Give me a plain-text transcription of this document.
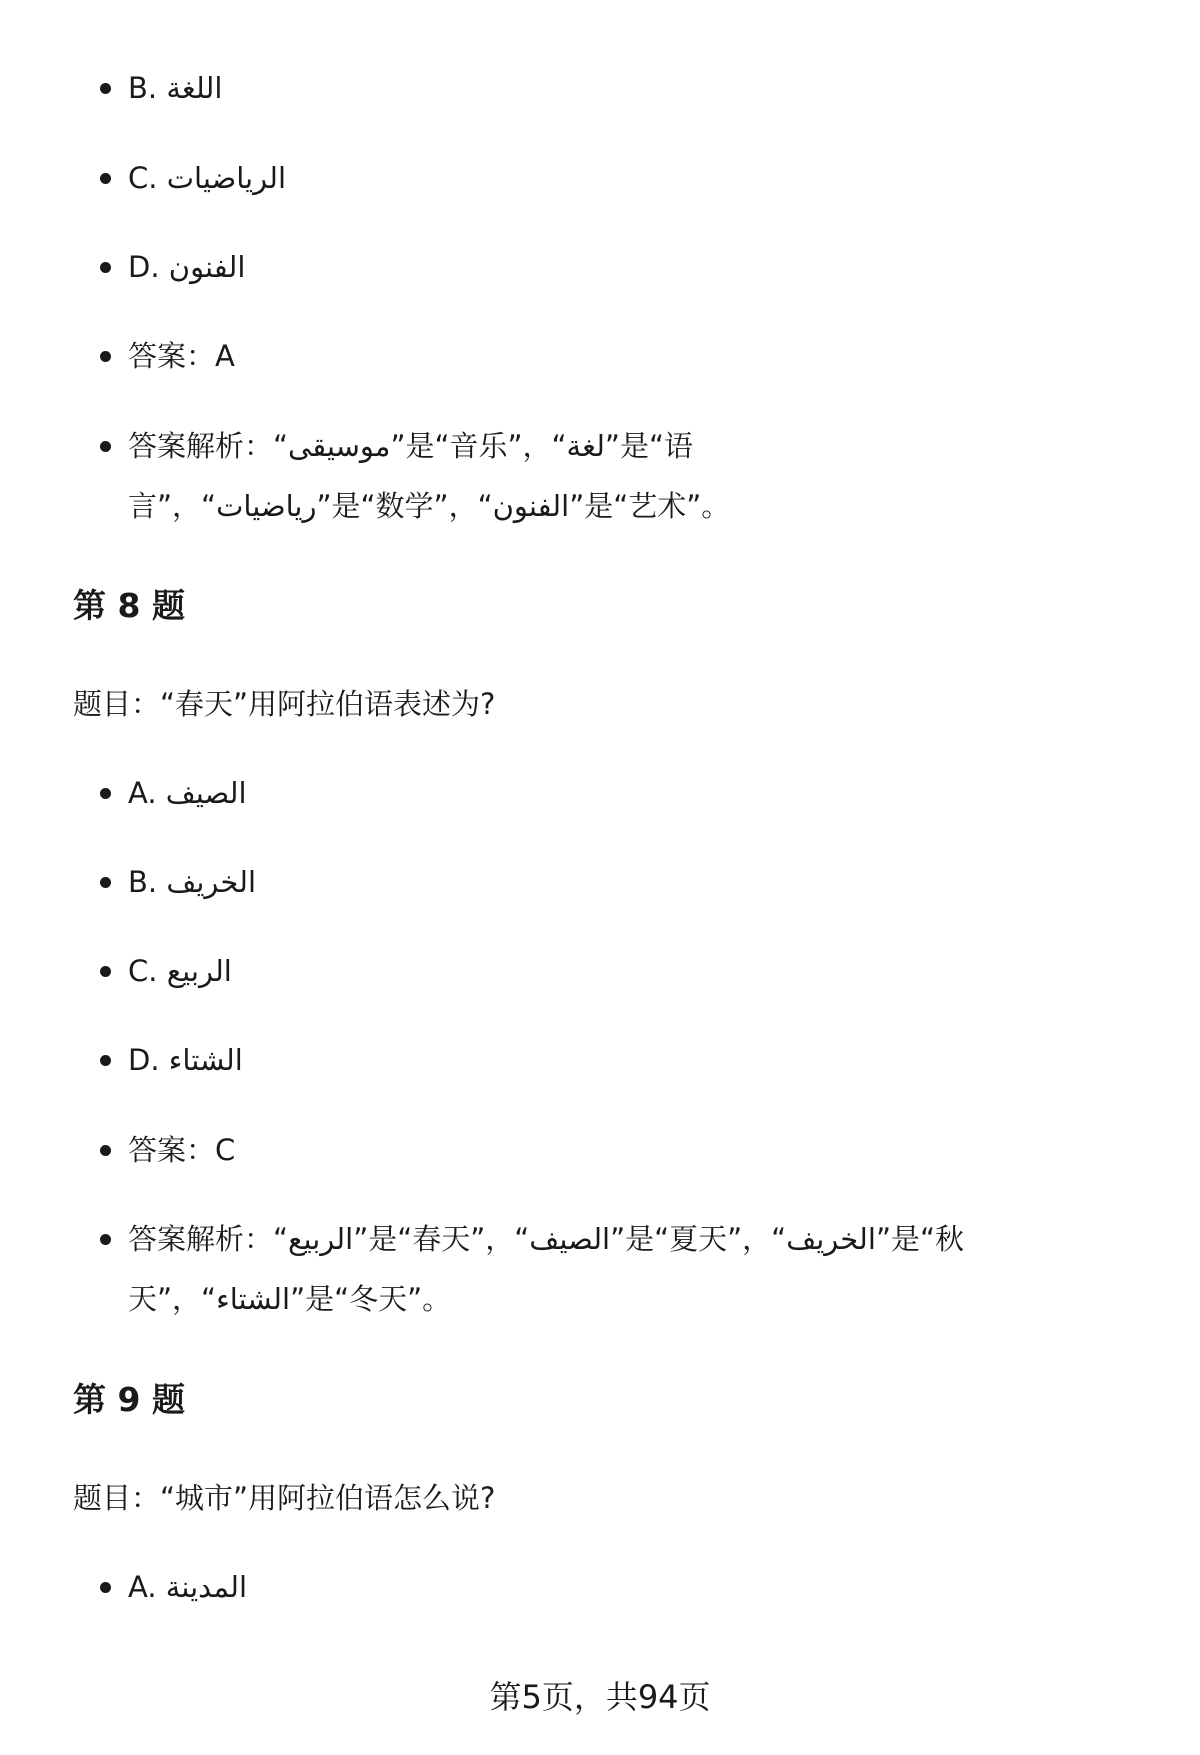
B. اللغة
C. الرياضيات
D. الفنون
答案：A
答案解析：“موسيقى”是“音乐”，“لغة”是“语言”，“رياضيات”是“数学”，“الفنون”是“艺术”。
第 8 题

题目：“春天”用阿拉伯语表述为?

A. الصيف
B. الخريف
C. الربيع
D. الشتاء
答案：C
答案解析：“الربيع”是“春天”，“الصيف”是“夏天”，“الخريف”是“秋天”，“الشتاء”是“冬天”。
第 9 题

题目：“城市”用阿拉伯语怎么说?

A. المدينة
第5页，共94页
